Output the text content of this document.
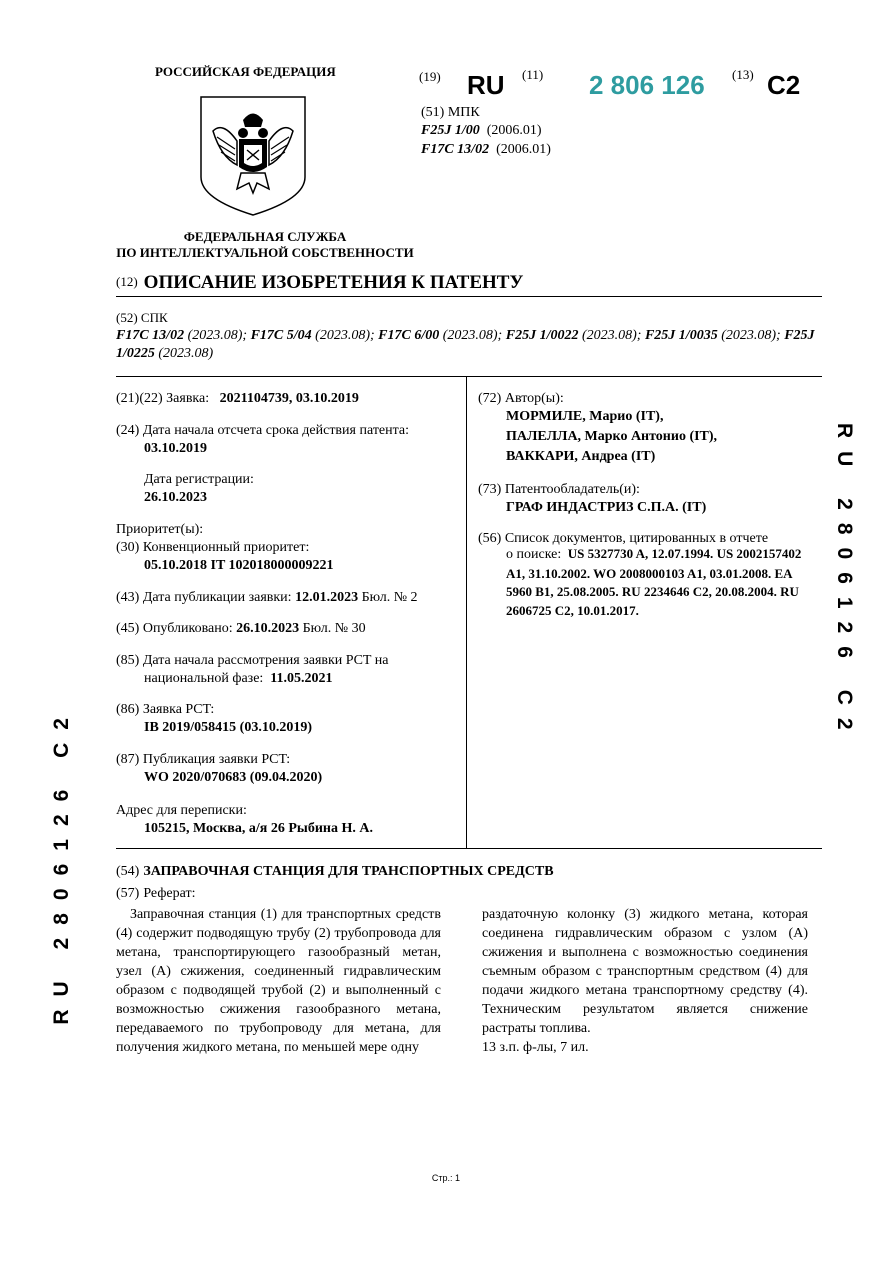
РОССИЙСКАЯ ФЕДЕРАЦИЯ
ФЕДЕРАЛЬНАЯ СЛУЖБА
ПО ИНТЕЛЛЕКТУАЛЬНОЙ СОБСТВЕННОСТИ
(19) RU (11) 2 806 126 (13) C2
(51) МПК
F25J 1/00 (2006.01)
F17C 13/02 (2006.01)
(12) ОПИСАНИЕ ИЗОБРЕТЕНИЯ К ПАТЕНТУ
(52) СПК
F17C 13/02 (2023.08); F17C 5/04 (2023.08); F17C 6/00 (2023.08); F25J 1/0022 (2023.08); F25J 1/0035 (2023.08); F25J 1/0225 (2023.08)
(21)(22) Заявка: 2021104739, 03.10.2019
(24) Дата начала отсчета срока действия патента:
03.10.2019
Дата регистрации:
26.10.2023
Приоритет(ы):
(30) Конвенционный приоритет:
05.10.2018 IT 102018000009221
(43) Дата публикации заявки: 12.01.2023 Бюл. № 2
(45) Опубликовано: 26.10.2023 Бюл. № 30
(85) Дата начала рассмотрения заявки PCT на
национальной фазе: 11.05.2021
(86) Заявка PCT:
IB 2019/058415 (03.10.2019)
(87) Публикация заявки PCT:
WO 2020/070683 (09.04.2020)
Адрес для переписки:
105215, Москва, а/я 26 Рыбина Н. А.
(72) Автор(ы):
МОРМИЛЕ, Марио (IT),
ПАЛЕЛЛА, Марко Антонио (IT),
ВАККАРИ, Андреа (IT)
(73) Патентообладатель(и):
ГРАФ ИНДАСТРИЗ С.П.А. (IT)
(56) Список документов, цитированных в отчете
о поиске: US 5327730 A, 12.07.1994. US 2002157402 A1, 31.10.2002. WO 2008000103 A1, 03.01.2008. EA 5960 B1, 25.08.2005. RU 2234646 C2, 20.08.2004. RU 2606725 C2, 10.01.2017.
(54) ЗАПРАВОЧНАЯ СТАНЦИЯ ДЛЯ ТРАНСПОРТНЫХ СРЕДСТВ
(57) Реферат:
Заправочная станция (1) для транспортных средств (4) содержит подводящую трубу (2) трубопровода для метана, транспортирующего газообразный метан, узел (А) сжижения, соединенный гидравлическим образом с подводящей трубой (2) и выполненный с возможностью сжижения газообразного метана, передаваемого по трубопроводу для метана, для получения жидкого метана, по меньшей мере одну
раздаточную колонку (3) жидкого метана, которая соединена гидравлическим образом с узлом (А) сжижения и выполнена с возможностью соединения съемным образом с транспортным средством (4) для подачи жидкого метана транспортному средству (4). Техническим результатом является снижение растраты топлива.
13 з.п. ф-лы, 7 ил.
RU 2806126 C2
RU 2806126 C2
Стр.: 1
